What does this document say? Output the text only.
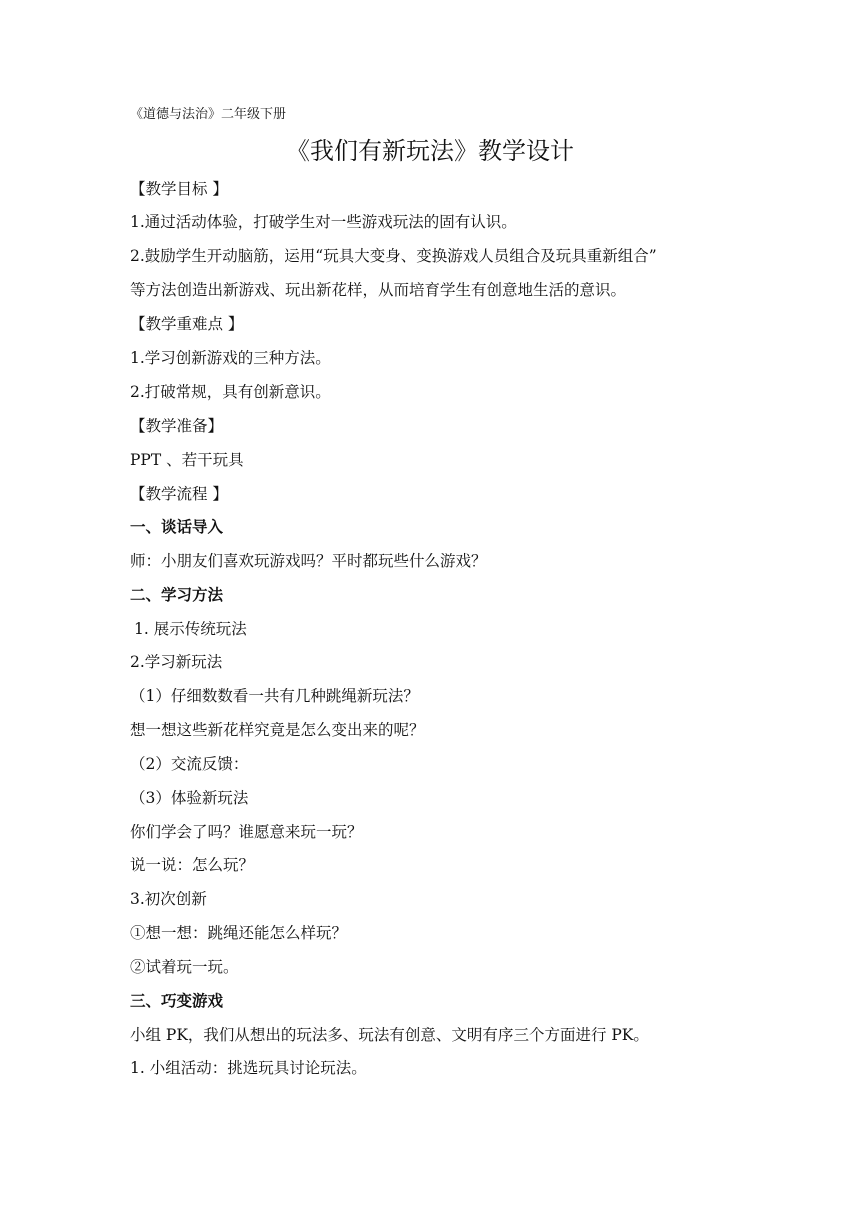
《道德与法治》二年级下册
《我们有新玩法》教学设计
【教学目标 】
1.通过活动体验，打破学生对一些游戏玩法的固有认识。
2.鼓励学生开动脑筋，运用“玩具大变身、变换游戏人员组合及玩具重新组合”
等方法创造出新游戏、玩出新花样，从而培育学生有创意地生活的意识。
【教学重难点 】
1.学习创新游戏的三种方法。
2.打破常规，具有创新意识。
【教学准备】
PPT 、若干玩具
【教学流程 】
一、谈话导入
师：小朋友们喜欢玩游戏吗？平时都玩些什么游戏？
二、学习方法
1. 展示传统玩法
2.学习新玩法
（1）仔细数数看一共有几种跳绳新玩法？
想一想这些新花样究竟是怎么变出来的呢？
（2）交流反馈：
（3）体验新玩法
你们学会了吗？谁愿意来玩一玩？
说一说：怎么玩？
3.初次创新
①想一想：跳绳还能怎么样玩？
②试着玩一玩。
三、巧变游戏
小组 PK，我们从想出的玩法多、玩法有创意、文明有序三个方面进行 PK。
1. 小组活动：挑选玩具讨论玩法。
